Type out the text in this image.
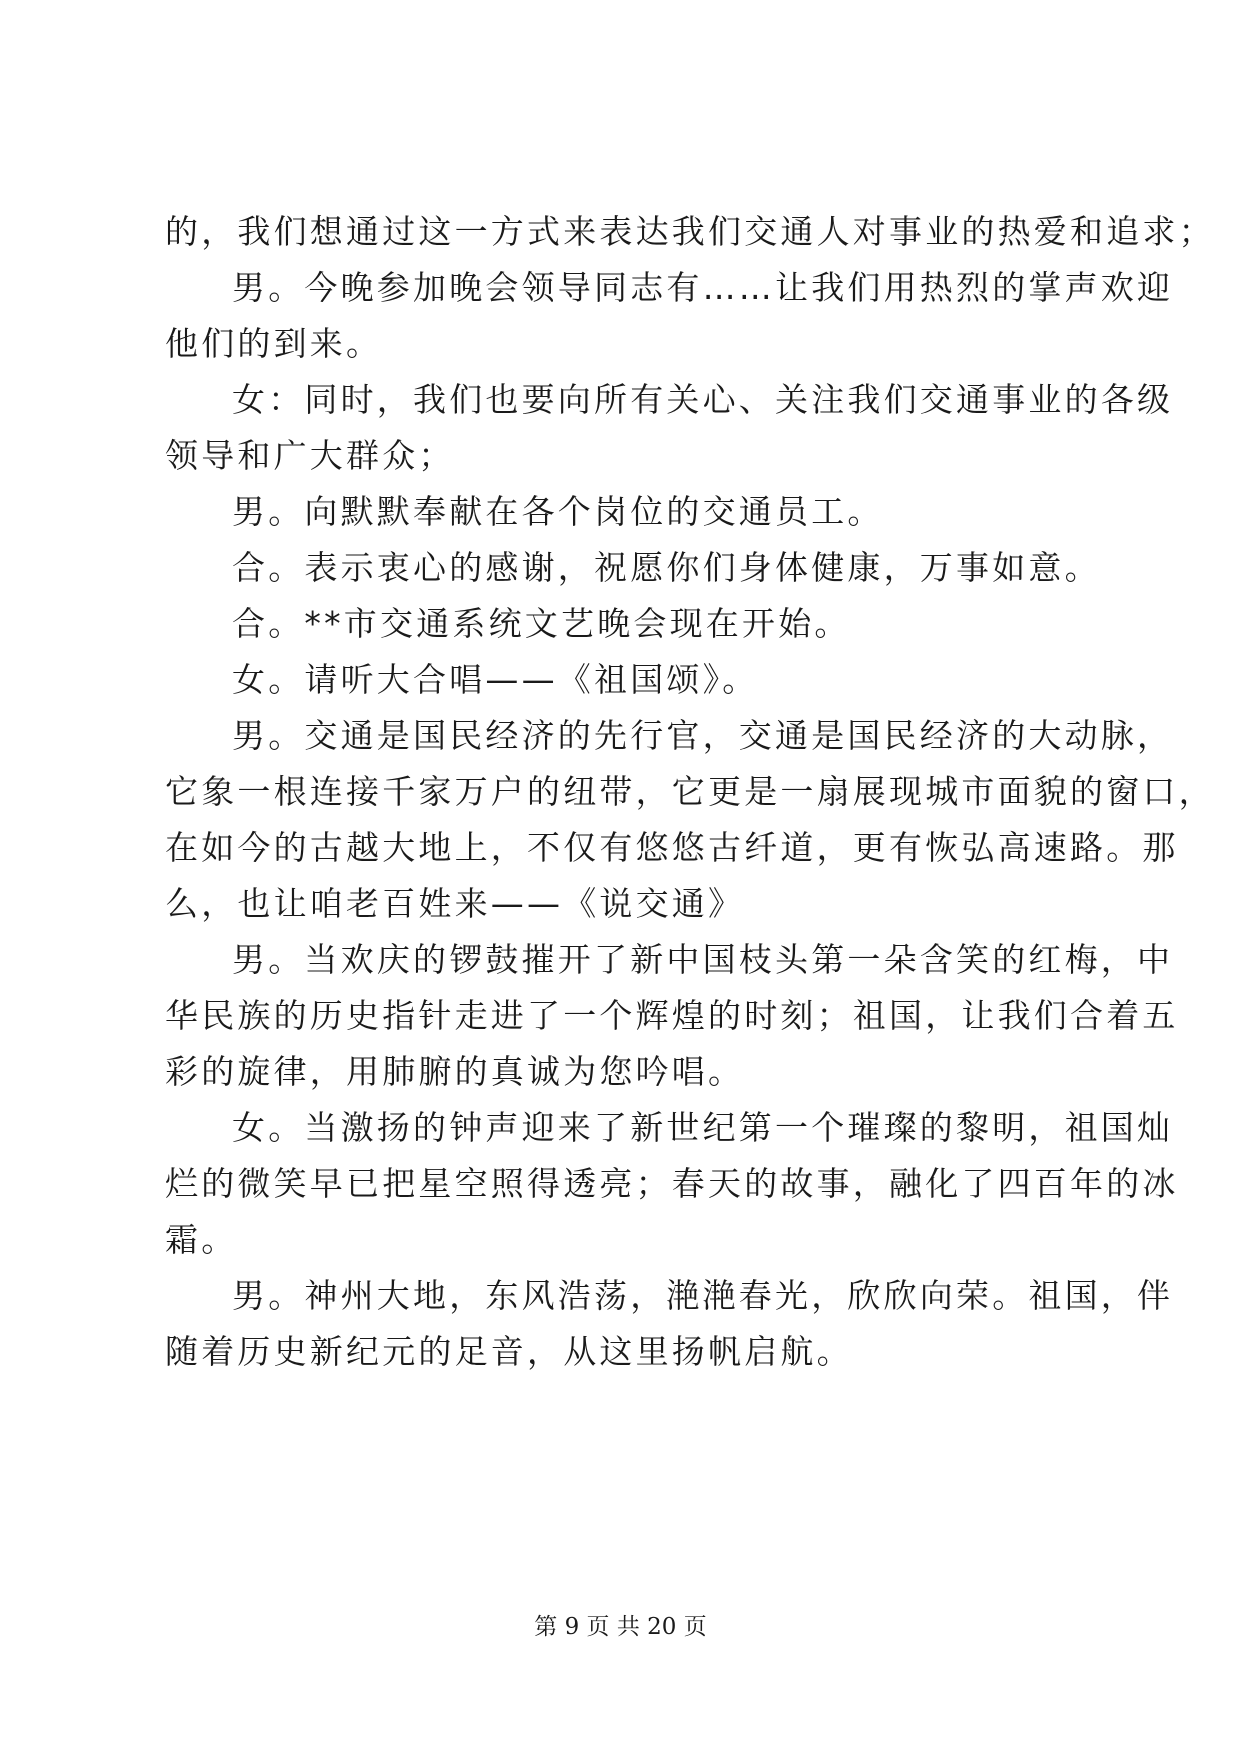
的，我们想通过这一方式来表达我们交通人对事业的热爱和追求；
男。今晚参加晚会领导同志有……让我们用热烈的掌声欢迎
他们的到来。
女：同时，我们也要向所有关心、关注我们交通事业的各级
领导和广大群众；
男。向默默奉献在各个岗位的交通员工。
合。表示衷心的感谢，祝愿你们身体健康，万事如意。
合。**市交通系统文艺晚会现在开始。
女。请听大合唱——《祖国颂》。
男。交通是国民经济的先行官，交通是国民经济的大动脉，
它象一根连接千家万户的纽带，它更是一扇展现城市面貌的窗口，
在如今的古越大地上，不仅有悠悠古纤道，更有恢弘高速路。那
么，也让咱老百姓来——《说交通》
男。当欢庆的锣鼓摧开了新中国枝头第一朵含笑的红梅，中
华民族的历史指针走进了一个辉煌的时刻；祖国，让我们合着五
彩的旋律，用肺腑的真诚为您吟唱。
女。当激扬的钟声迎来了新世纪第一个璀璨的黎明，祖国灿
烂的微笑早已把星空照得透亮；春天的故事，融化了四百年的冰
霜。
男。神州大地，东风浩荡，滟滟春光，欣欣向荣。祖国，伴
随着历史新纪元的足音，从这里扬帆启航。
第 9 页 共 20 页
